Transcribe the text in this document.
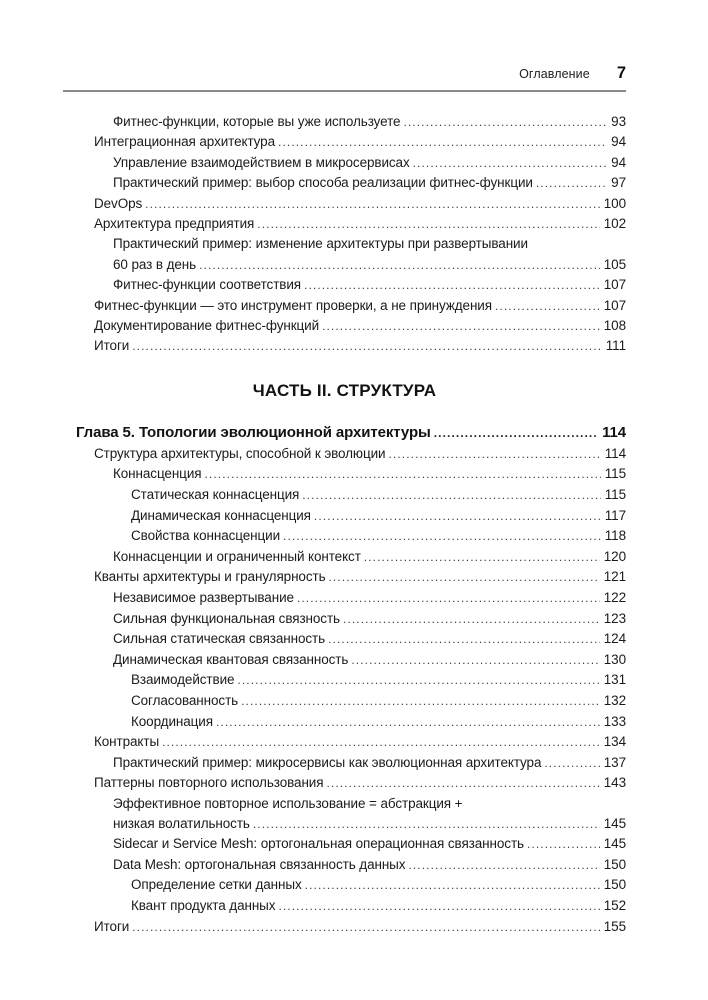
Оглавление 7
Фитнес-функции, которые вы уже используете .....	93
Интеграционная архитектура .....	94
Управление взаимодействием в микросервисах .....	94
Практический пример: выбор способа реализации фитнес-функции .....	97
DevOps .....	100
Архитектура предприятия .....	102
Практический пример: изменение архитектуры при развертывании
60 раз в день .....	105
Фитнес-функции соответствия .....	107
Фитнес-функции — это инструмент проверки, а не принуждения .....	107
Документирование фитнес-функций .....	108
Итоги .....	111
ЧАСТЬ II. СТРУКТУРА
Глава 5. Топологии эволюционной архитектуры .....	114
Структура архитектуры, способной к эволюции .....	114
Коннасценция .....	115
Статическая коннасценция .....	115
Динамическая коннасценция .....	117
Свойства коннасценции .....	118
Коннасценции и ограниченный контекст .....	120
Кванты архитектуры и гранулярность .....	121
Независимое развертывание .....	122
Сильная функциональная связность .....	123
Сильная статическая связанность .....	124
Динамическая квантовая связанность .....	130
Взаимодействие .....	131
Согласованность .....	132
Координация .....	133
Контракты .....	134
Практический пример: микросервисы как эволюционная архитектура .....	137
Паттерны повторного использования .....	143
Эффективное повторное использование = абстракция +
низкая волатильность .....	145
Sidecar и Service Mesh: ортогональная операционная связанность .....	145
Data Mesh: ортогональная связанность данных .....	150
Определение сетки данных .....	150
Квант продукта данных .....	152
Итоги .....	155
